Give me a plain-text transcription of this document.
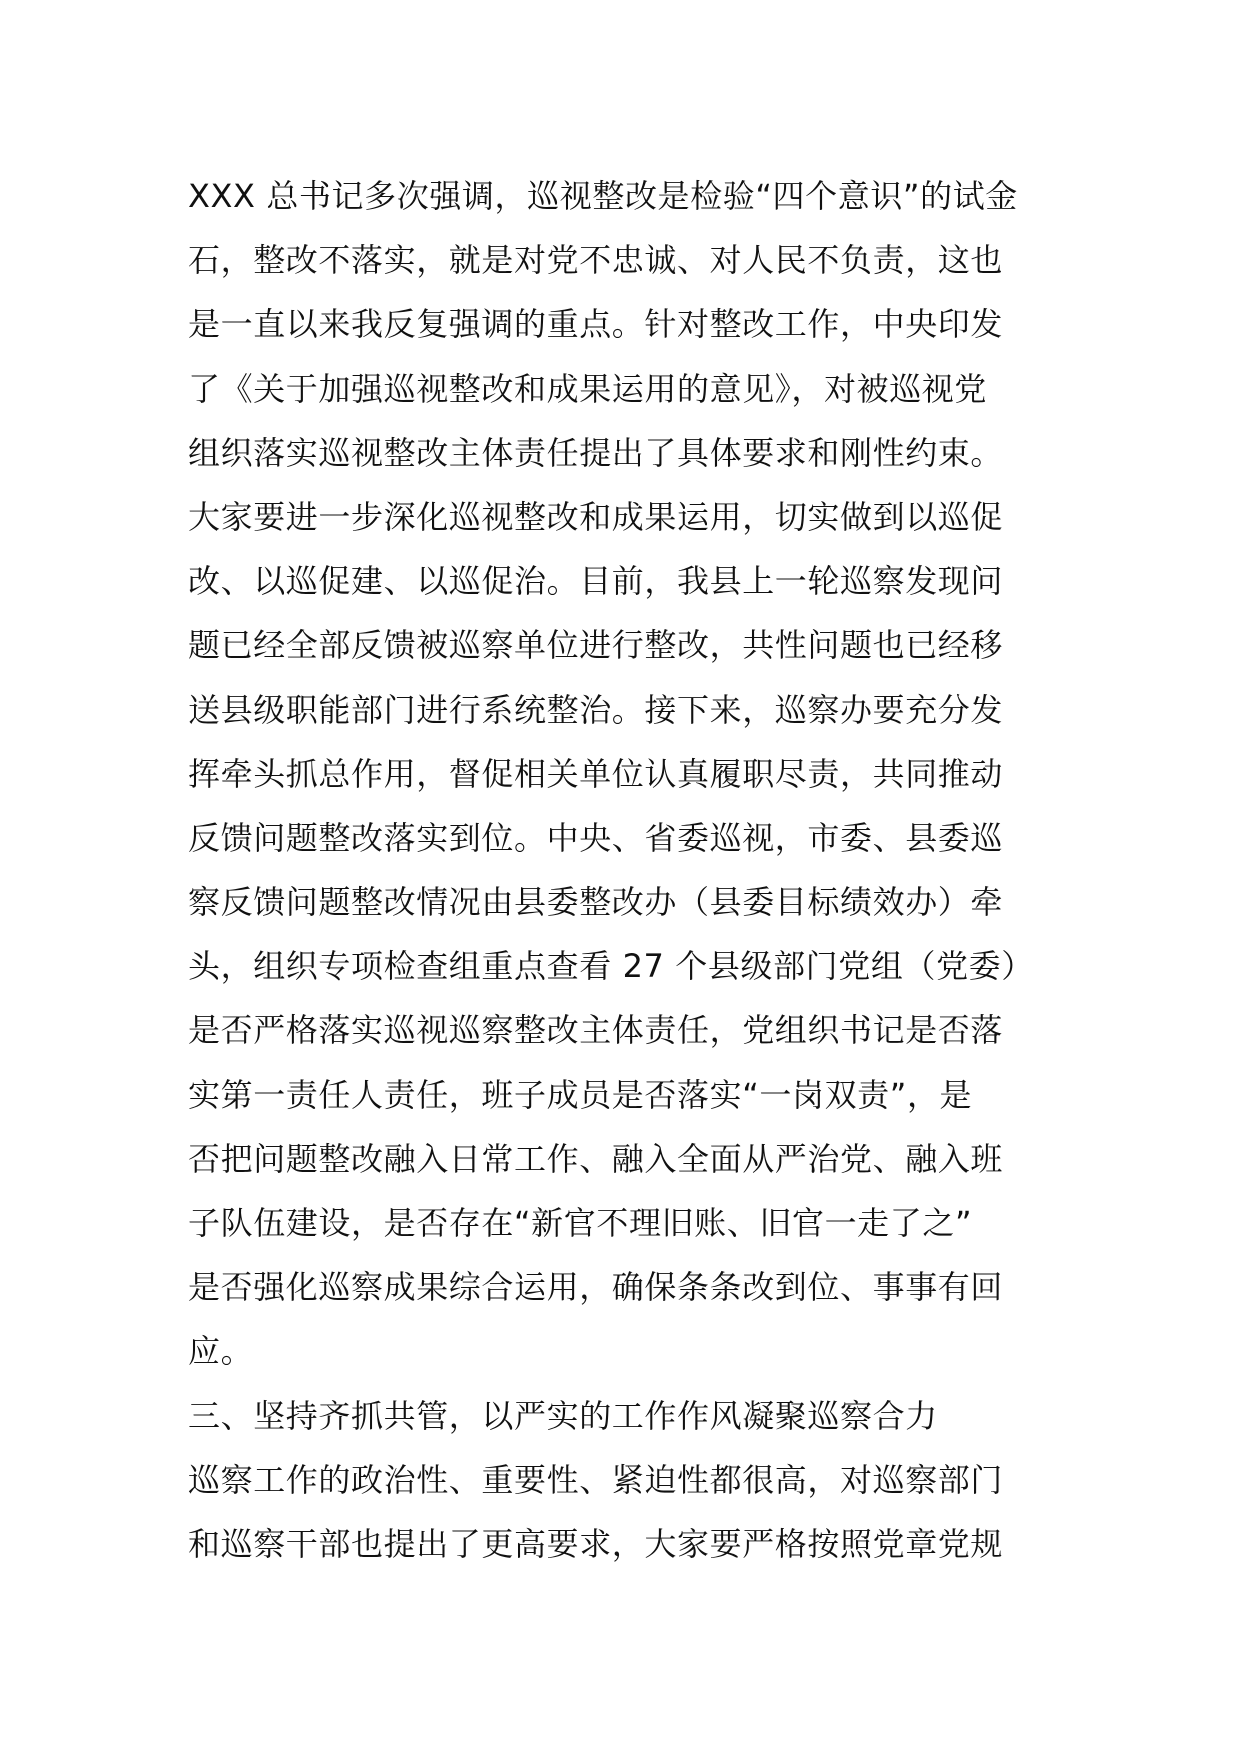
XXX 总书记多次强调，巡视整改是检验“四个意识”的试金
石，整改不落实，就是对党不忠诚、对人民不负责，这也
是一直以来我反复强调的重点。针对整改工作，中央印发
了《关于加强巡视整改和成果运用的意见》，对被巡视党
组织落实巡视整改主体责任提出了具体要求和刚性约束。
大家要进一步深化巡视整改和成果运用，切实做到以巡促
改、以巡促建、以巡促治。目前，我县上一轮巡察发现问
题已经全部反馈被巡察单位进行整改，共性问题也已经移
送县级职能部门进行系统整治。接下来，巡察办要充分发
挥牵头抓总作用，督促相关单位认真履职尽责，共同推动
反馈问题整改落实到位。中央、省委巡视，市委、县委巡
察反馈问题整改情况由县委整改办（县委目标绩效办）牵
头，组织专项检查组重点查看 27 个县级部门党组（党委）
是否严格落实巡视巡察整改主体责任，党组织书记是否落
实第一责任人责任，班子成员是否落实“一岗双责”，是
否把问题整改融入日常工作、融入全面从严治党、融入班
子队伍建设，是否存在“新官不理旧账、旧官一走了之”
是否强化巡察成果综合运用，确保条条改到位、事事有回
应。
三、坚持齐抓共管，以严实的工作作风凝聚巡察合力
巡察工作的政治性、重要性、紧迫性都很高，对巡察部门
和巡察干部也提出了更高要求，大家要严格按照党章党规
